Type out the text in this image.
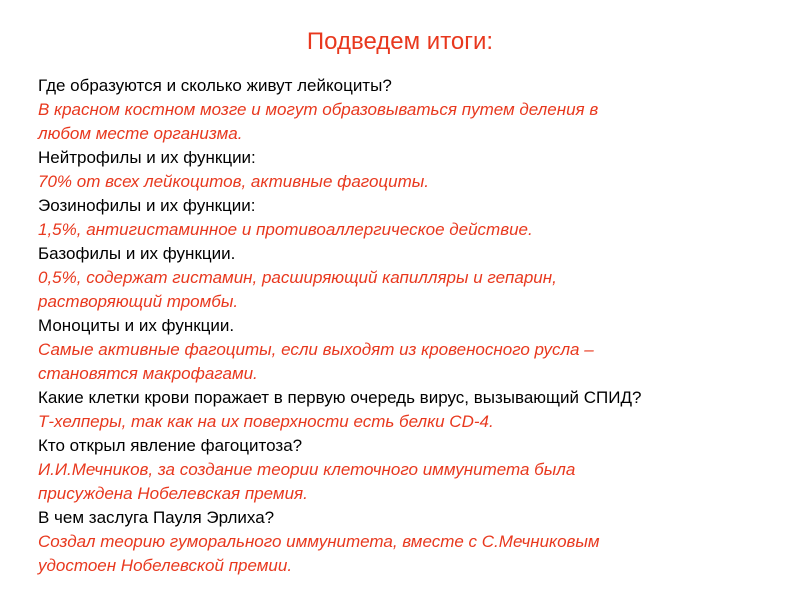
Подведем итоги:
Где образуются и сколько живут лейкоциты?
В красном костном мозге и могут образовываться путем деления в
любом месте организма.
Нейтрофилы и их функции:
70% от всех лейкоцитов, активные фагоциты.
Эозинофилы и их функции:
1,5%, антигистаминное и противоаллергическое действие.
Базофилы и их функции.
0,5%, содержат гистамин, расширяющий капилляры и гепарин,
растворяющий тромбы.
Моноциты и их функции.
Самые активные фагоциты, если выходят из кровеносного русла –
становятся макрофагами.
Какие клетки крови поражает в первую очередь вирус, вызывающий СПИД?
Т-хелперы, так как на их поверхности есть белки CD-4.
Кто открыл явление фагоцитоза?
И.И.Мечников, за создание теории клеточного иммунитета была
присуждена Нобелевская премия.
В чем заслуга Пауля Эрлиха?
Создал теорию гуморального иммунитета, вместе с С.Мечниковым
удостоен Нобелевской премии.
